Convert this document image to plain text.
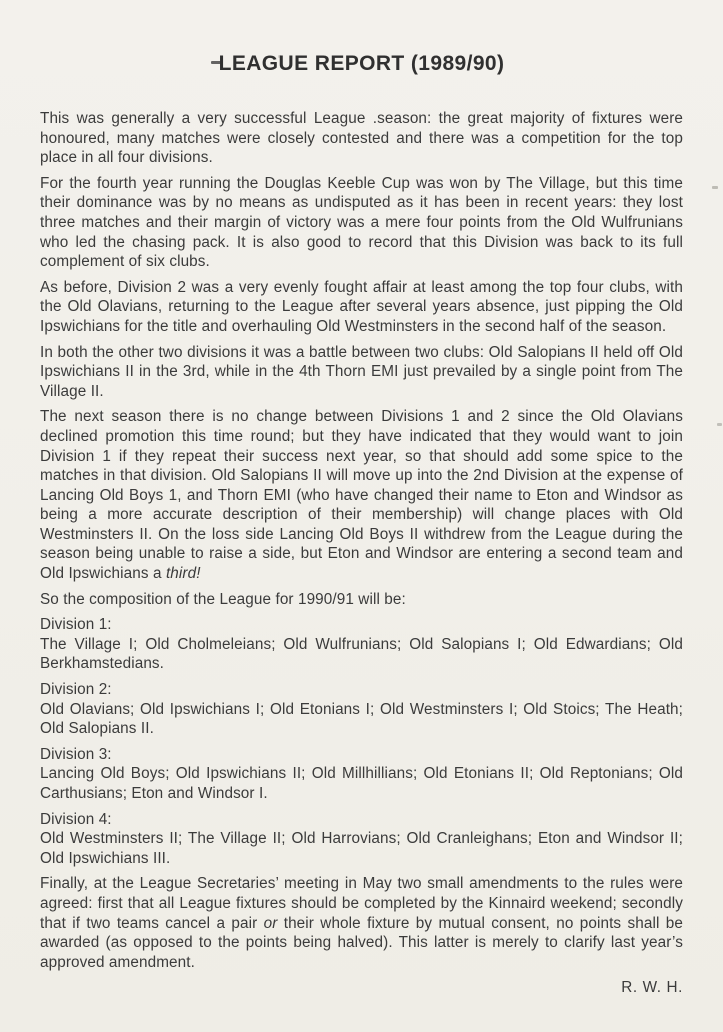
LEAGUE REPORT (1989/90)

This was generally a very successful League .season: the great majority of fixtures were honoured, many matches were closely contested and there was a competition for the top place in all four divisions.

For the fourth year running the Douglas Keeble Cup was won by The Village, but this time their dominance was by no means as undisputed as it has been in recent years: they lost three matches and their margin of victory was a mere four points from the Old Wulfrunians who led the chasing pack. It is also good to record that this Division was back to its full complement of six clubs.

As before, Division 2 was a very evenly fought affair at least among the top four clubs, with the Old Olavians, returning to the League after several years absence, just pipping the Old Ipswichians for the title and overhauling Old Westminsters in the second half of the season.

In both the other two divisions it was a battle between two clubs: Old Salopians II held off Old Ipswichians II in the 3rd, while in the 4th Thorn EMI just prevailed by a single point from The Village II.

The next season there is no change between Divisions 1 and 2 since the Old Olavians declined promotion this time round; but they have indicated that they would want to join Division 1 if they repeat their success next year, so that should add some spice to the matches in that division. Old Salopians II will move up into the 2nd Division at the expense of Lancing Old Boys 1, and Thorn EMI (who have changed their name to Eton and Windsor as being a more accurate description of their membership) will change places with Old Westminsters II. On the loss side Lancing Old Boys II withdrew from the League during the season being unable to raise a side, but Eton and Windsor are entering a second team and Old Ipswichians a third!

So the composition of the League for 1990/91 will be:

Division 1:
The Village I; Old Cholmeleians; Old Wulfrunians; Old Salopians I; Old Edwardians; Old Berkhamstedians.
Division 2:
Old Olavians; Old Ipswichians I; Old Etonians I; Old Westminsters I; Old Stoics; The Heath; Old Salopians II.
Division 3:
Lancing Old Boys; Old Ipswichians II; Old Millhillians; Old Etonians II; Old Reptonians; Old Carthusians; Eton and Windsor I.
Division 4:
Old Westminsters II; The Village II; Old Harrovians; Old Cranleighans; Eton and Windsor II; Old Ipswichians III.

Finally, at the League Secretaries’ meeting in May two small amendments to the rules were agreed: first that all League fixtures should be completed by the Kinnaird weekend; secondly that if two teams cancel a pair or their whole fixture by mutual consent, no points shall be awarded (as opposed to the points being halved). This latter is merely to clarify last year’s approved amendment.

R. W. H.
